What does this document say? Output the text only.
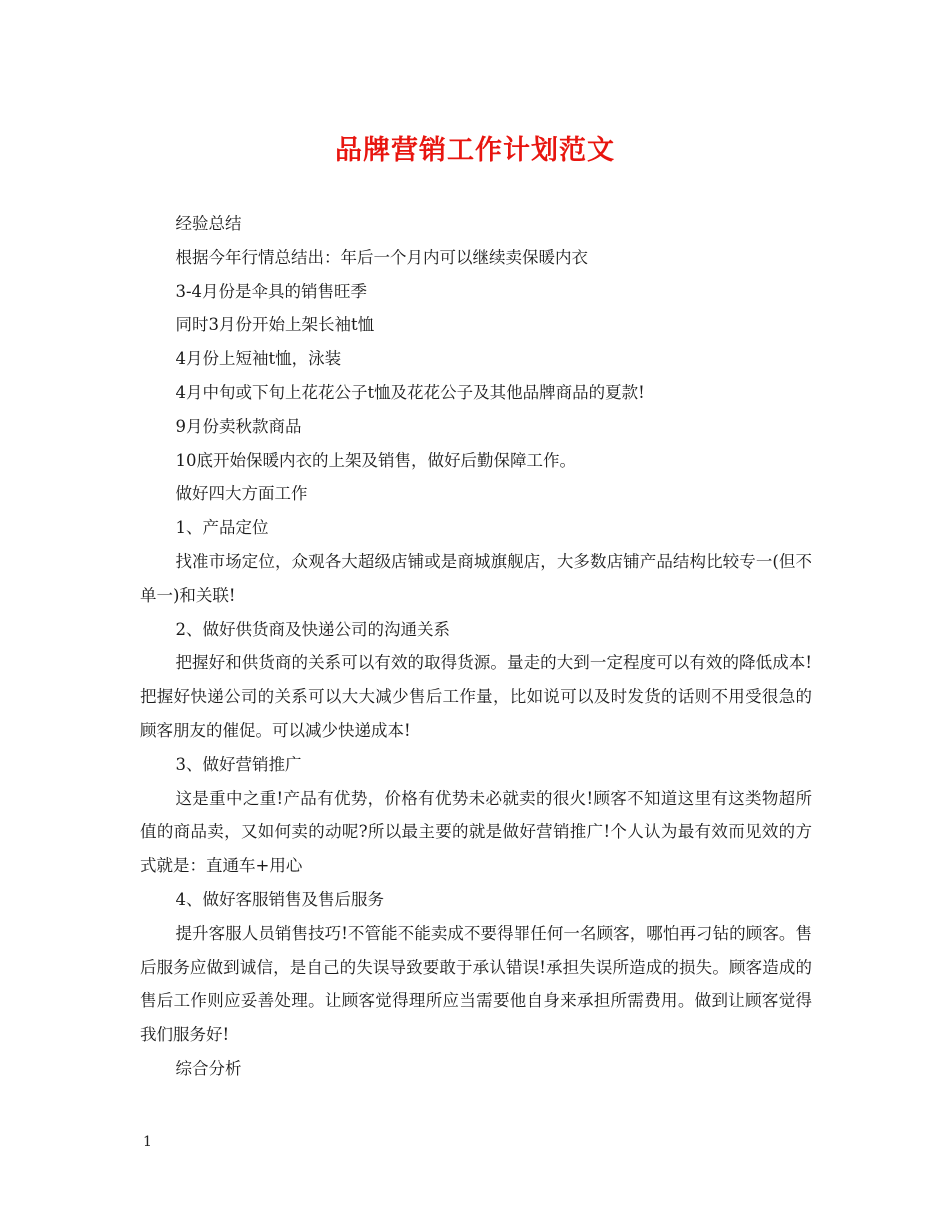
品牌营销工作计划范文

经验总结

根据今年行情总结出：年后一个月内可以继续卖保暖内衣

3-4月份是伞具的销售旺季

同时3月份开始上架长袖t恤

4月份上短袖t恤，泳装

4月中旬或下旬上花花公子t恤及花花公子及其他品牌商品的夏款!

9月份卖秋款商品

10底开始保暖内衣的上架及销售，做好后勤保障工作。

做好四大方面工作

1、产品定位

找准市场定位，众观各大超级店铺或是商城旗舰店，大多数店铺产品结构比较专一(但不单一)和关联!

2、做好供货商及快递公司的沟通关系

把握好和供货商的关系可以有效的取得货源。量走的大到一定程度可以有效的降低成本! 把握好快递公司的关系可以大大减少售后工作量，比如说可以及时发货的话则不用受很急的顾客朋友的催促。可以减少快递成本!

3、做好营销推广

这是重中之重!产品有优势，价格有优势未必就卖的很火!顾客不知道这里有这类物超所值的商品卖，又如何卖的动呢?所以最主要的就是做好营销推广!个人认为最有效而见效的方式就是：直通车+用心

4、做好客服销售及售后服务

提升客服人员销售技巧!不管能不能卖成不要得罪任何一名顾客，哪怕再刁钻的顾客。售后服务应做到诚信，是自己的失误导致要敢于承认错误!承担失误所造成的损失。顾客造成的售后工作则应妥善处理。让顾客觉得理所应当需要他自身来承担所需费用。做到让顾客觉得我们服务好!

综合分析

1
